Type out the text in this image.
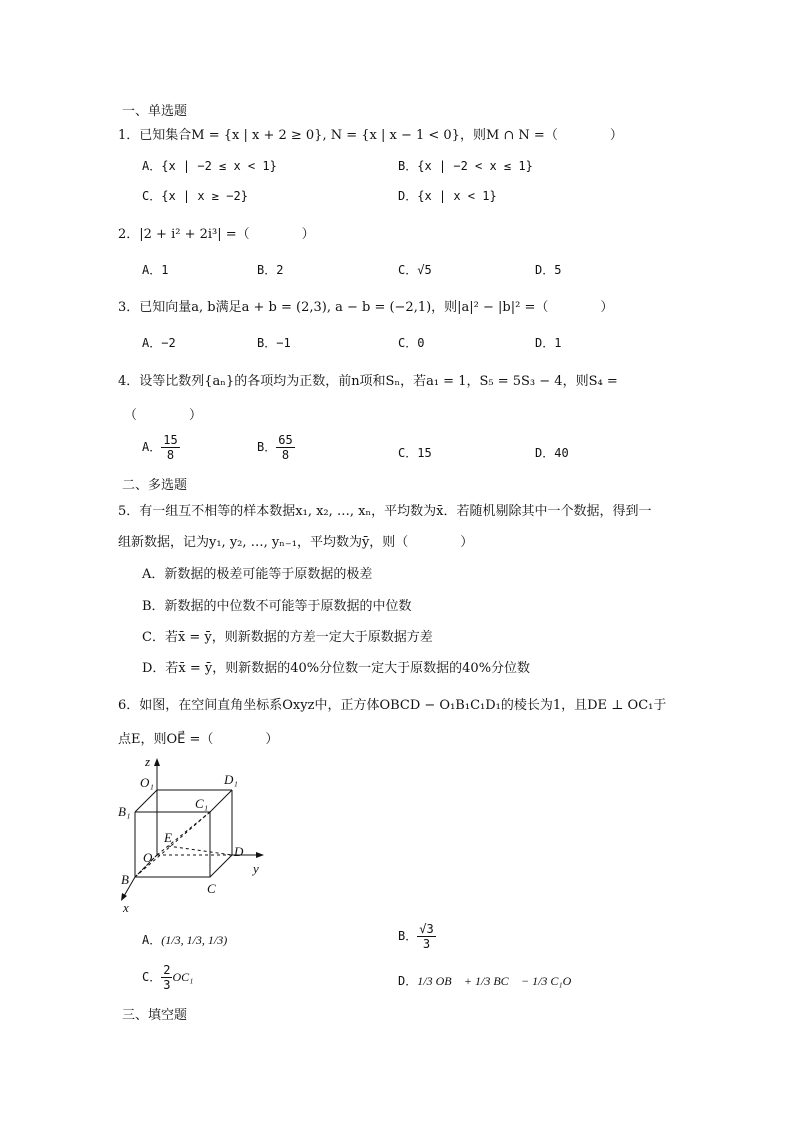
一、单选题
1．已知集合M = {x | x + 2 ≥ 0}, N = {x | x − 1 < 0}，则M ∩ N =（　　　　）
A．{x | −2 ≤ x < 1}	B．{x | −2 < x ≤ 1}
C．{x | x ≥ −2}	D．{x | x < 1}
2．|2 + i² + 2i³| =（　　　　）
A．1	B．2	C．√5	D．5
3．已知向量a, b满足a + b = (2,3), a − b = (−2,1)，则|a|² − |b|² =（　　　　）
A．−2	B．−1	C．0	D．1
4．设等比数列{aₙ}的各项均为正数，前n项和Sₙ，若a₁ = 1，S₅ = 5S₃ − 4，则S₄ =
（　　　　）
A． $\frac{15}{8}$	B． $\frac{65}{8}$	C．15	D．40
二、多选题
5．有一组互不相等的样本数据x₁, x₂, …, xₙ，平均数为x̄．若随机剔除其中一个数据，得到一
组新数据，记为y₁, y₂, …, yₙ₋₁，平均数为ȳ，则（　　　　）
A．新数据的极差可能等于原数据的极差
B．新数据的中位数不可能等于原数据的中位数
C．若x̄ = ȳ，则新数据的方差一定大于原数据方差
D．若x̄ = ȳ，则新数据的40%分位数一定大于原数据的40%分位数
6．如图，在空间直角坐标系Oxyz中，正方体OBCD − O₁B₁C₁D₁的棱长为1，且DE ⊥ OC₁于
点E，则OE⃗ =（　　　　）
z
O₁	D₁
B₁
C₁
E
O	D
y
B
C
x
A．(1/3, 1/3, 1/3)	B． $\frac{√3}{3}$
C． $\frac{2}{3}$ OC₁⃗	D．1/3 OB⃗ + 1/3 BC⃗ − 1/3 C₁O⃗
三、填空题
